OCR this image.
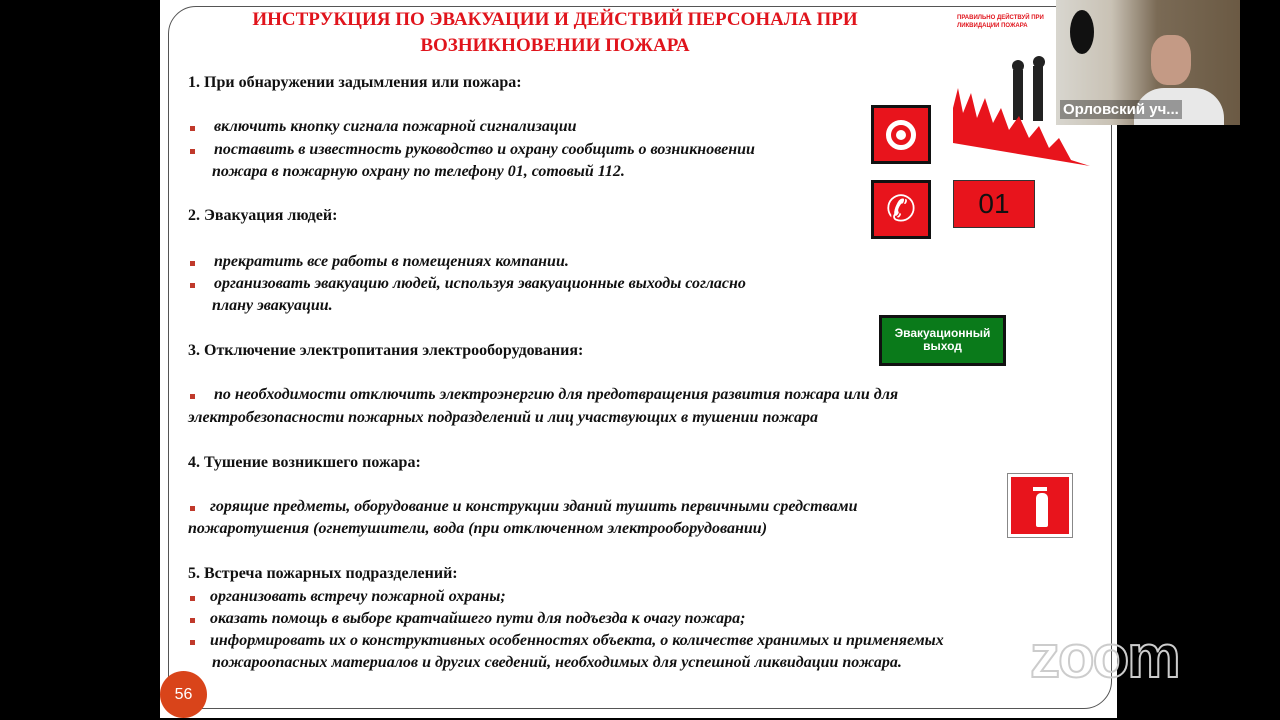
ИНСТРУКЦИЯ ПО ЭВАКУАЦИИ И ДЕЙСТВИЙ ПЕРСОНАЛА ПРИ
ВОЗНИКНОВЕНИИ ПОЖАРА
1. При обнаружении задымления или пожара:
включить кнопку сигнала пожарной сигнализации
поставить в известность руководство и охрану сообщить о возникновении
пожара в пожарную охрану по телефону 01, сотовый 112.
2. Эвакуация людей:
прекратить все работы в помещениях компании.
организовать эвакуацию людей, используя эвакуационные выходы согласно
плану эвакуации.
3. Отключение электропитания электрооборудования:
по необходимости отключить электроэнергию для предотвращения развития пожара или для
электробезопасности пожарных подразделений и лиц участвующих в тушении пожара
4. Тушение возникшего пожара:
горящие предметы, оборудование и конструкции зданий тушить первичными средствами
пожаротушения (огнетушители, вода (при отключенном электрооборудовании)
5. Встреча пожарных подразделений:
организовать встречу пожарной охраны;
оказать помощь в выборе кратчайшего пути для подъезда к очагу пожара;
информировать их о конструктивных особенностях объекта, о количестве хранимых и применяемых
пожароопасных материалов и других сведений, необходимых для успешной ликвидации пожара.
✆	01
Эвакуационный
выход
ПРАВИЛЬНО ДЕЙСТВУЙ ПРИ ЛИКВИДАЦИИ ПОЖАРА
56
Орловский уч...
zoom
